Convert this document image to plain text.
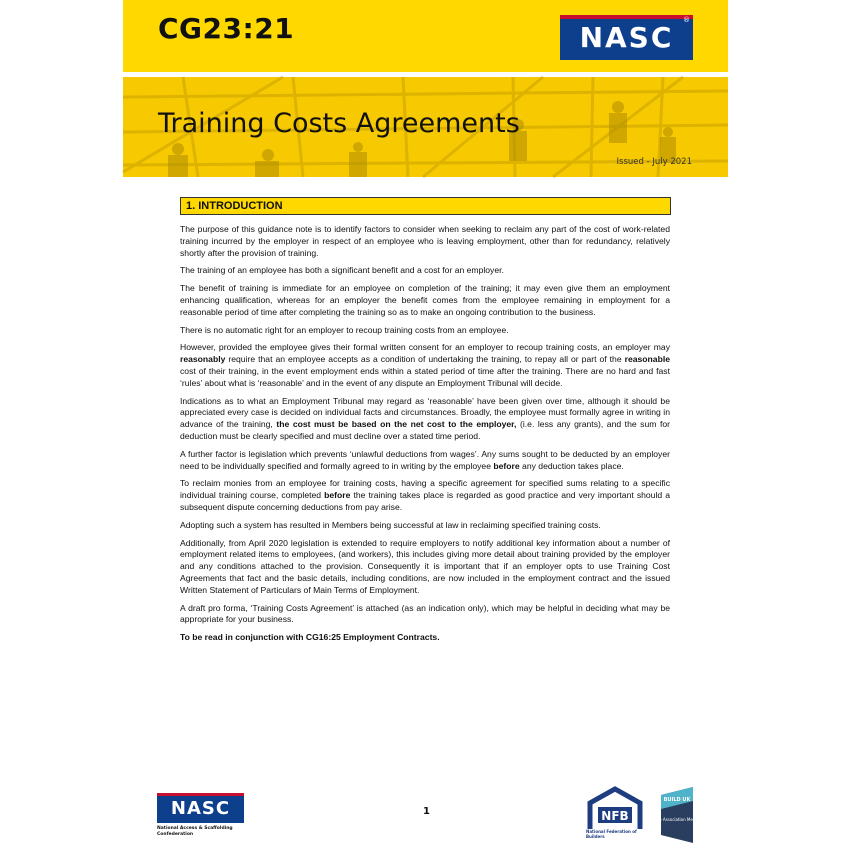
CG23:21	NASC
®
Training Costs Agreements
Issued - July 2021
1. INTRODUCTION

The purpose of this guidance note is to identify factors to consider when seeking to reclaim any part of the cost of work-related training incurred by the employer in respect of an employee who is leaving employment, other than for redundancy, relatively shortly after the provision of training.

The training of an employee has both a significant benefit and a cost for an employer.

The benefit of training is immediate for an employee on completion of the training; it may even give them an employment enhancing qualification, whereas for an employer the benefit comes from the employee remaining in employment for a reasonable period of time after completing the training so as to make an ongoing contribution to the business.

There is no automatic right for an employer to recoup training costs from an employee.

However, provided the employee gives their formal written consent for an employer to recoup training costs, an employer may reasonably require that an employee accepts as a condition of undertaking the training, to repay all or part of the reasonable cost of their training, in the event employment ends within a stated period of time after the training. There are no hard and fast ‘rules’ about what is ‘reasonable’ and in the event of any dispute an Employment Tribunal will decide.

Indications as to what an Employment Tribunal may regard as ‘reasonable’ have been given over time, although it should be appreciated every case is decided on individual facts and circumstances. Broadly, the employee must formally agree in writing in advance of the training, the cost must be based on the net cost to the employer, (i.e. less any grants), and the sum for deduction must be clearly specified and must decline over a stated time period.

A further factor is legislation which prevents ‘unlawful deductions from wages’. Any sums sought to be deducted by an employer need to be individually specified and formally agreed to in writing by the employee before any deduction takes place.

To reclaim monies from an employee for training costs, having a specific agreement for specified sums relating to a specific individual training course, completed before the training takes place is regarded as good practice and very important should a subsequent dispute concerning deductions from pay arise.

Adopting such a system has resulted in Members being successful at law in reclaiming specified training costs.

Additionally, from April 2020 legislation is extended to require employers to notify additional key information about a number of employment related items to employees, (and workers), this includes giving more detail about training provided by the employer and any conditions attached to the provision. Consequently it is important that if an employer opts to use Training Cost Agreements that fact and the basic details, including conditions, are now included in the employment contract and the issued Written Statement of Particulars of Main Terms of Employment.

A draft pro forma, ‘Training Costs Agreement’ is attached (as an indication only), which may be helpful in deciding what may be appropriate for your business.

To be read in conjunction with CG16:25 Employment Contracts.

NASC
National Access & Scaffolding Confederation
1	NFB
National Federation of Builders
BUILD UK
Trade Association Member
